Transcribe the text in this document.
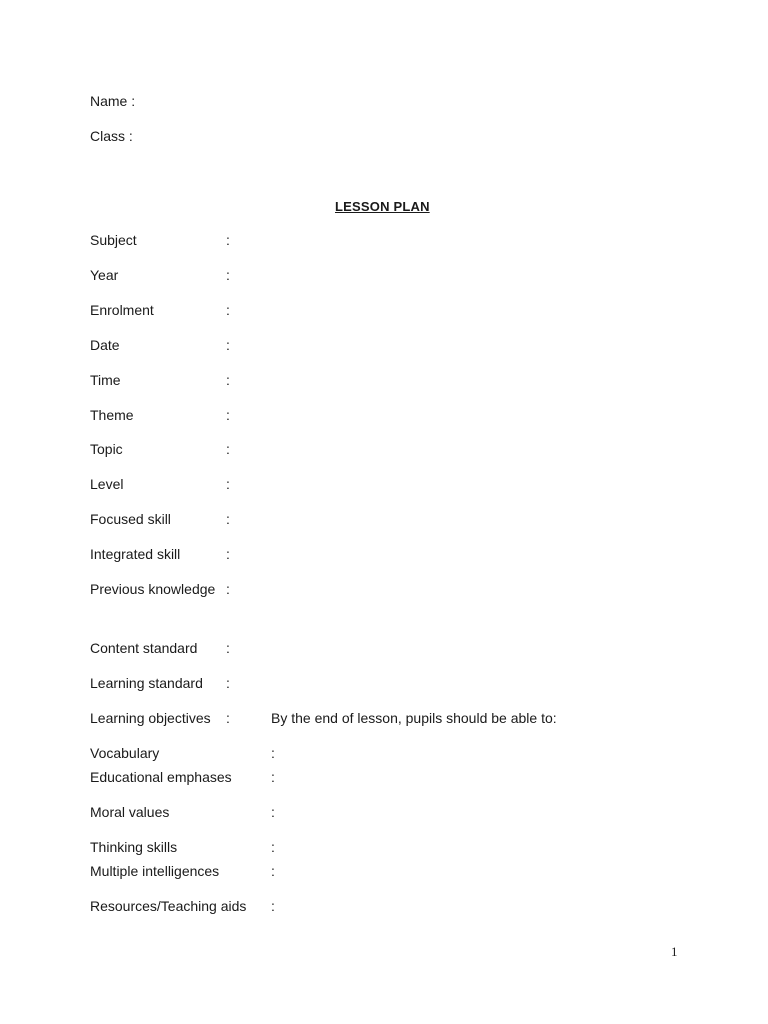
Name :
Class :
LESSON PLAN
Subject	:
Year	:
Enrolment	:
Date	:
Time	:
Theme	:
Topic	:
Level	:
Focused skill	:
Integrated skill	:
Previous knowledge :
Content standard :
Learning standard :
Learning objectives :	By the end of lesson, pupils should be able to:
Vocabulary	:
Educational emphases	:
Moral values	:
Thinking skills	:
Multiple intelligences	:
Resources/Teaching aids :
1
